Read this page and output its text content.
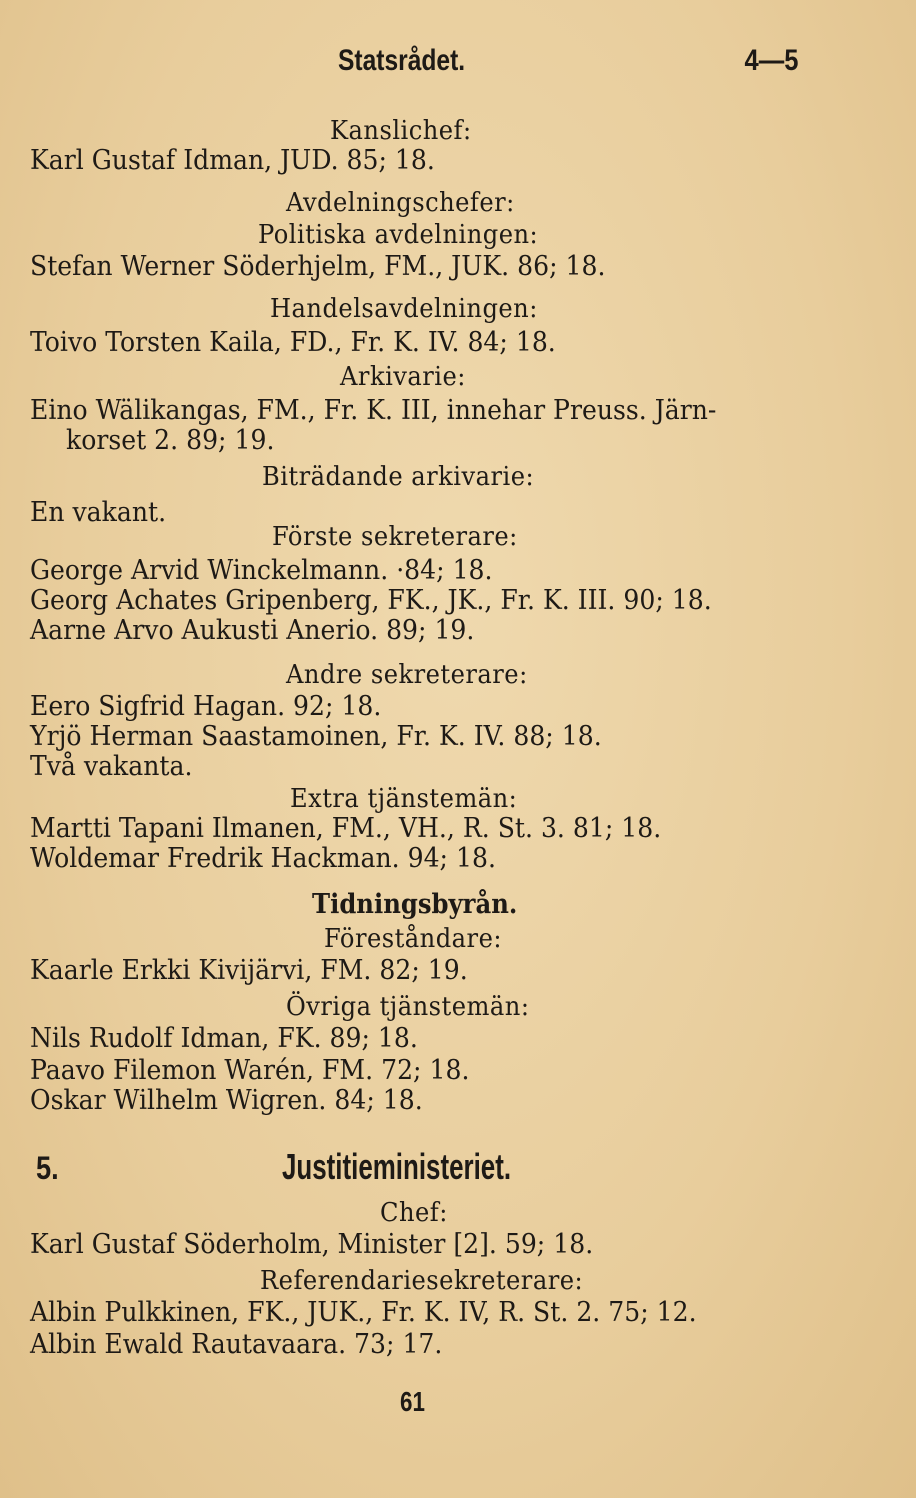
Statsrådet.	4—5
Kanslichef:
Karl Gustaf Idman, JUD. 85; 18.
Avdelningschefer:
Politiska avdelningen:
Stefan Werner Söderhjelm, FM., JUK. 86; 18.
Handelsavdelningen:
Toivo Torsten Kaila, FD., Fr. K. IV. 84; 18.
Arkivarie:
Eino Wälikangas, FM., Fr. K. III, innehar Preuss. Järn-
korset 2. 89; 19.
Biträdande arkivarie:
En vakant.
Förste sekreterare:
George Arvid Winckelmann. ·84; 18.
Georg Achates Gripenberg, FK., JK., Fr. K. III. 90; 18.
Aarne Arvo Aukusti Anerio. 89; 19.
Andre sekreterare:
Eero Sigfrid Hagan. 92; 18.
Yrjö Herman Saastamoinen, Fr. K. IV. 88; 18.
Två vakanta.
Extra tjänstemän:
Martti Tapani Ilmanen, FM., VH., R. St. 3. 81; 18.
Woldemar Fredrik Hackman. 94; 18.
Tidningsbyrån.
Föreståndare:
Kaarle Erkki Kivijärvi, FM. 82; 19.
Övriga tjänstemän:
Nils Rudolf Idman, FK. 89; 18.
Paavo Filemon Warén, FM. 72; 18.
Oskar Wilhelm Wigren. 84; 18.
5.	Justitieministeriet.
Chef:
Karl Gustaf Söderholm, Minister [2]. 59; 18.
Referendariesekreterare:
Albin Pulkkinen, FK., JUK., Fr. K. IV, R. St. 2. 75; 12.
Albin Ewald Rautavaara. 73; 17.
61
